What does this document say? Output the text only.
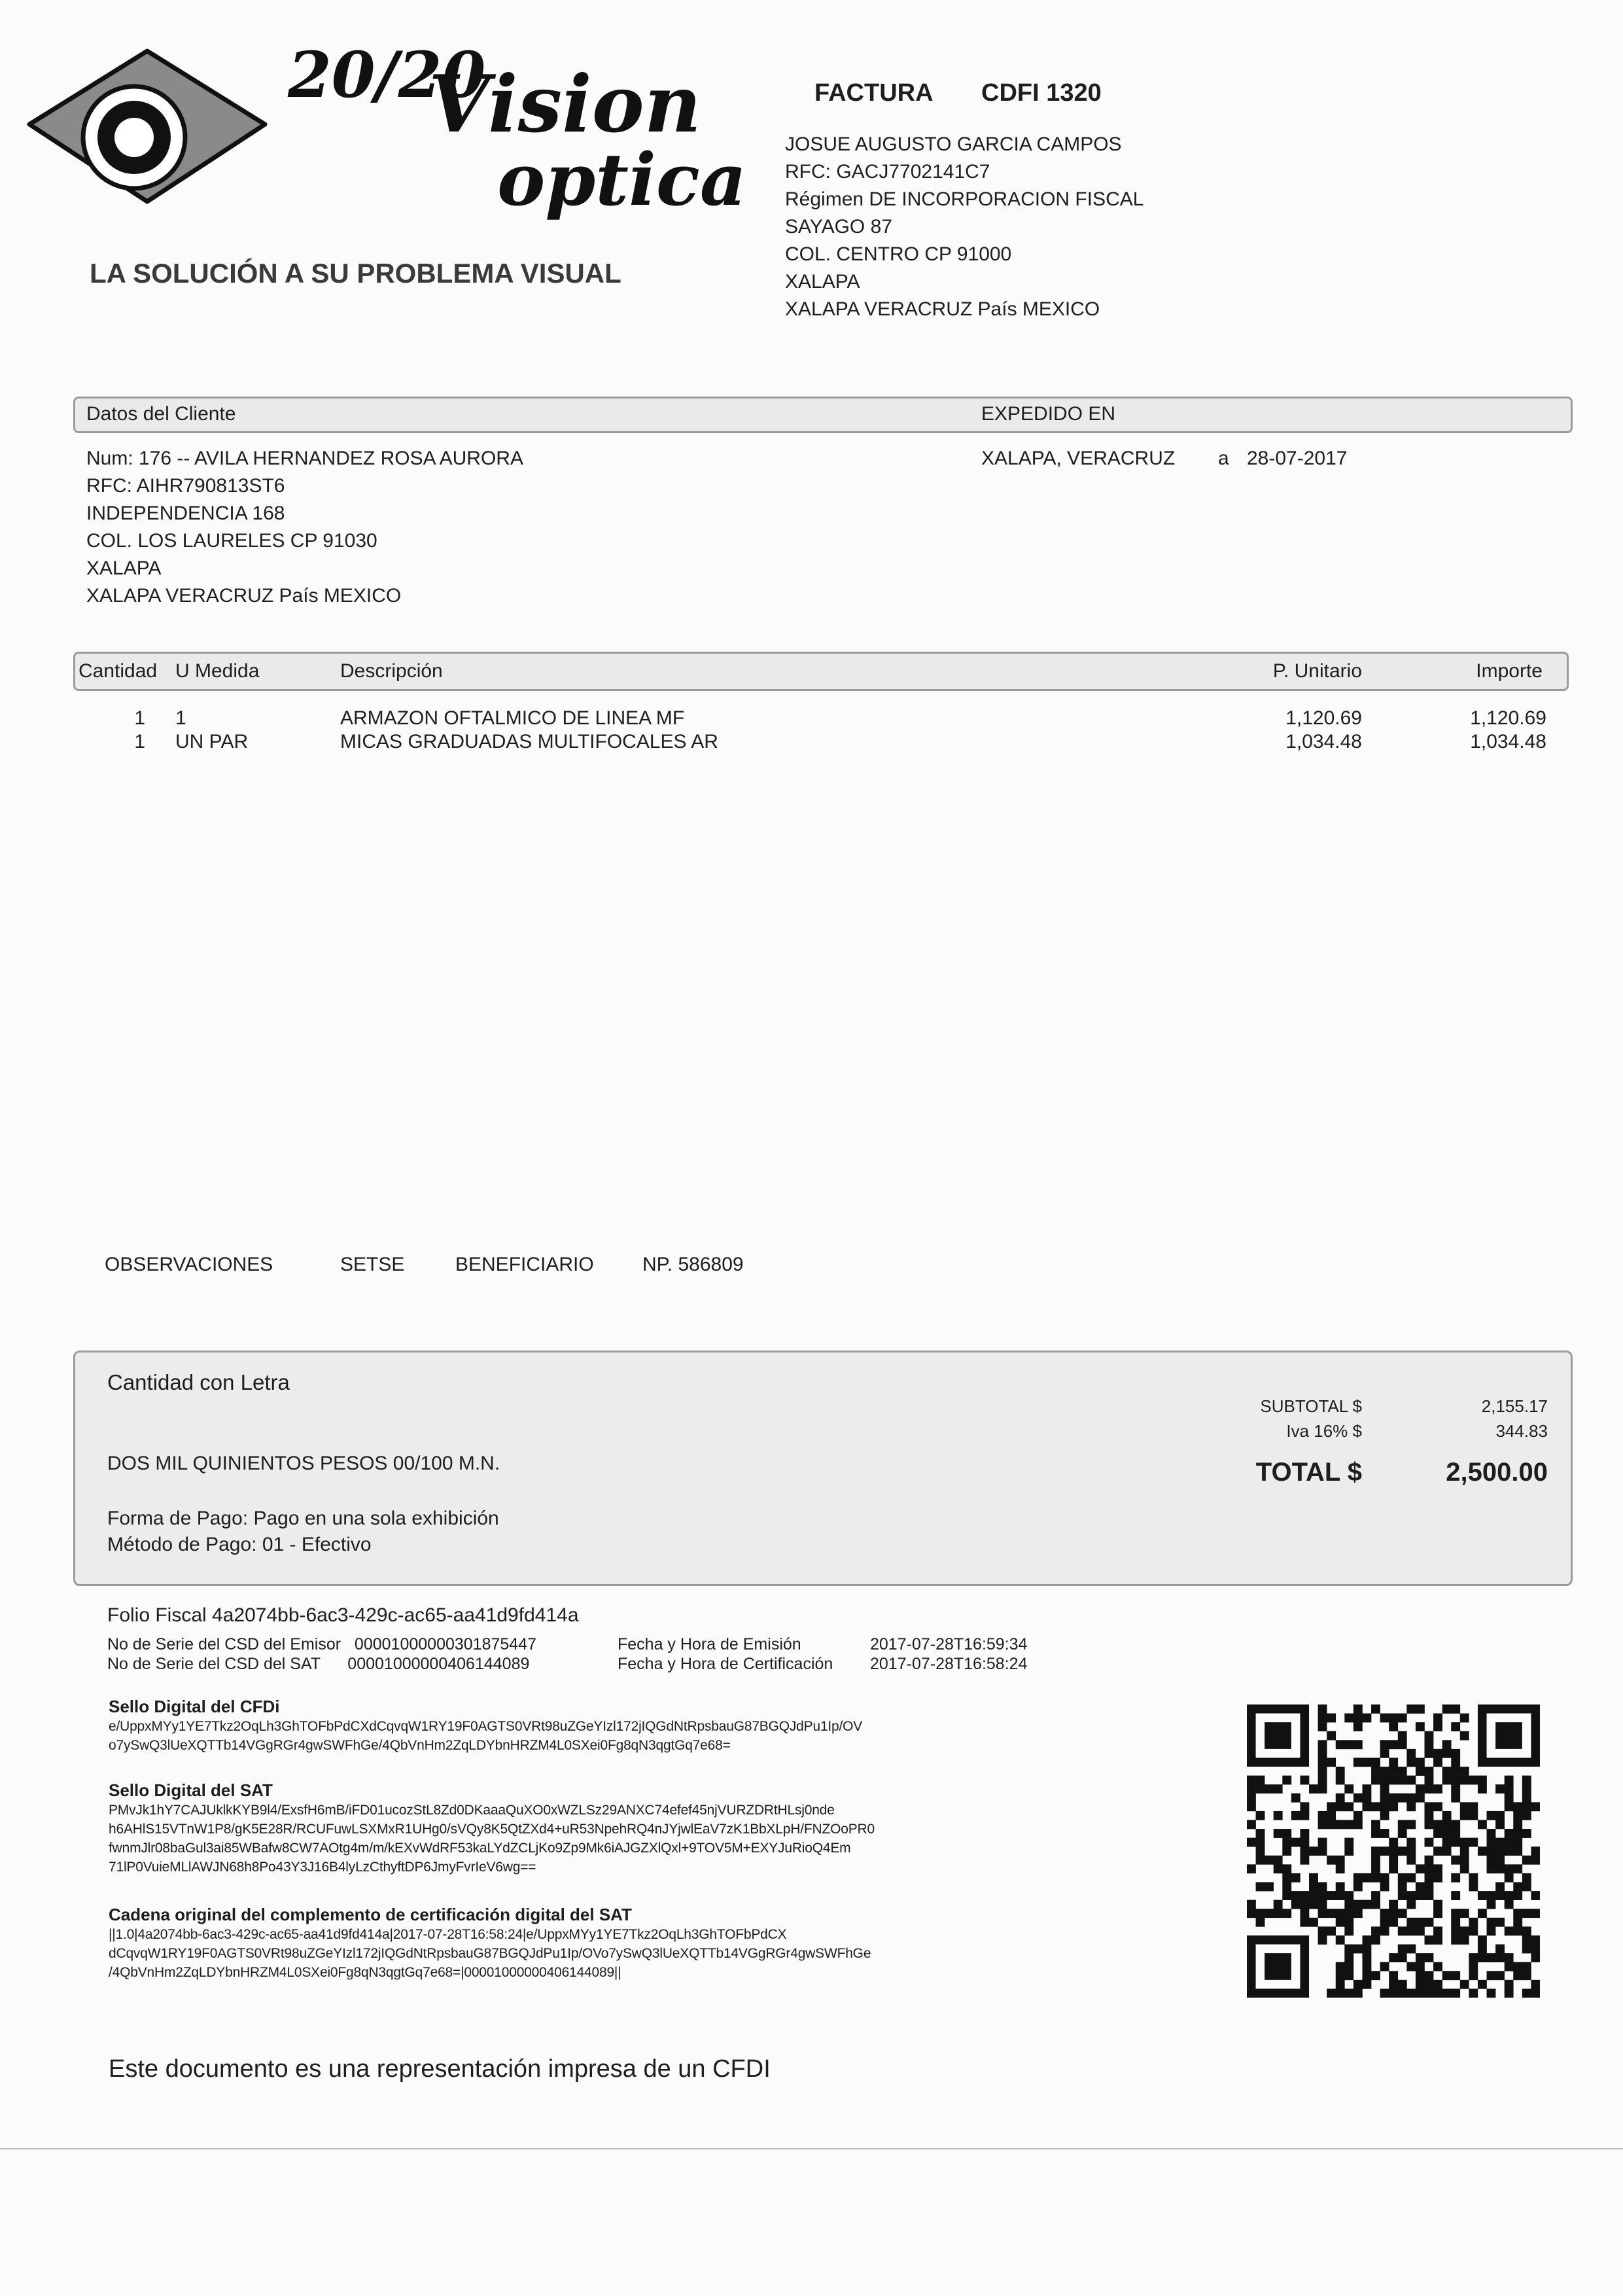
20/20
Vision
optica
LA SOLUCIÓN A SU PROBLEMA VISUAL
FACTURA CDFI 1320
JOSUE AUGUSTO GARCIA CAMPOS
RFC: GACJ7702141C7
Régimen DE INCORPORACION FISCAL
SAYAGO 87
COL. CENTRO CP 91000
XALAPA
XALAPA VERACRUZ País MEXICO
Datos del Cliente	EXPEDIDO EN
Num: 176 -- AVILA HERNANDEZ ROSA AURORA
RFC: AIHR790813ST6
INDEPENDENCIA 168
COL. LOS LAURELES CP 91030
XALAPA
XALAPA VERACRUZ País MEXICO
XALAPA, VERACRUZ a 28-07-2017
Cantidad U Medida	Descripción	P. Unitario	Importe
1 1	ARMAZON OFTALMICO DE LINEA MF	1,120.69	1,120.69
1 UN PAR	MICAS GRADUADAS MULTIFOCALES AR	1,034.48	1,034.48
OBSERVACIONES	SETSE	BENEFICIARIO NP. 586809
Cantidad con Letra
DOS MIL QUINIENTOS PESOS 00/100 M.N.
Forma de Pago: Pago en una sola exhibición
Método de Pago: 01 - Efectivo
SUBTOTAL $	2,155.17
Iva 16% $	344.83
TOTAL $	2,500.00
Folio Fiscal 4a2074bb-6ac3-429c-ac65-aa41d9fd414a
No de Serie del CSD del Emisor   00001000000301875447
No de Serie del CSD del SAT      00001000000406144089
Fecha y Hora de Emisión	2017-07-28T16:59:34
Fecha y Hora de Certificación 2017-07-28T16:58:24
Sello Digital del CFDi
e/UppxMYy1YE7Tkz2OqLh3GhTOFbPdCXdCqvqW1RY19F0AGTS0VRt98uZGeYIzl172jIQGdNtRpsbauG87BGQJdPu1Ip/OV
o7ySwQ3lUeXQTTb14VGgRGr4gwSWFhGe/4QbVnHm2ZqLDYbnHRZM4L0SXei0Fg8qN3qgtGq7e68=
Sello Digital del SAT
PMvJk1hY7CAJUklkKYB9l4/ExsfH6mB/iFD01ucozStL8Zd0DKaaaQuXO0xWZLSz29ANXC74efef45njVURZDRtHLsj0nde
h6AHlS15VTnW1P8/gK5E28R/RCUFuwLSXMxR1UHg0/sVQy8K5QtZXd4+uR53NpehRQ4nJYjwlEaV7zK1BbXLpH/FNZOoPR0
fwnmJlr08baGul3ai85WBafw8CW7AOtg4m/m/kEXvWdRF53kaLYdZCLjKo9Zp9Mk6iAJGZXlQxl+9TOV5M+EXYJuRioQ4Em
71lP0VuieMLlAWJN68h8Po43Y3J16B4lyLzCthyftDP6JmyFvrIeV6wg==
Cadena original del complemento de certificación digital del SAT
||1.0|4a2074bb-6ac3-429c-ac65-aa41d9fd414a|2017-07-28T16:58:24|e/UppxMYy1YE7Tkz2OqLh3GhTOFbPdCX
dCqvqW1RY19F0AGTS0VRt98uZGeYIzl172jIQGdNtRpsbauG87BGQJdPu1Ip/OVo7ySwQ3lUeXQTTb14VGgRGr4gwSWFhGe
/4QbVnHm2ZqLDYbnHRZM4L0SXei0Fg8qN3qgtGq7e68=|00001000000406144089||
Este documento es una representación impresa de un CFDI
